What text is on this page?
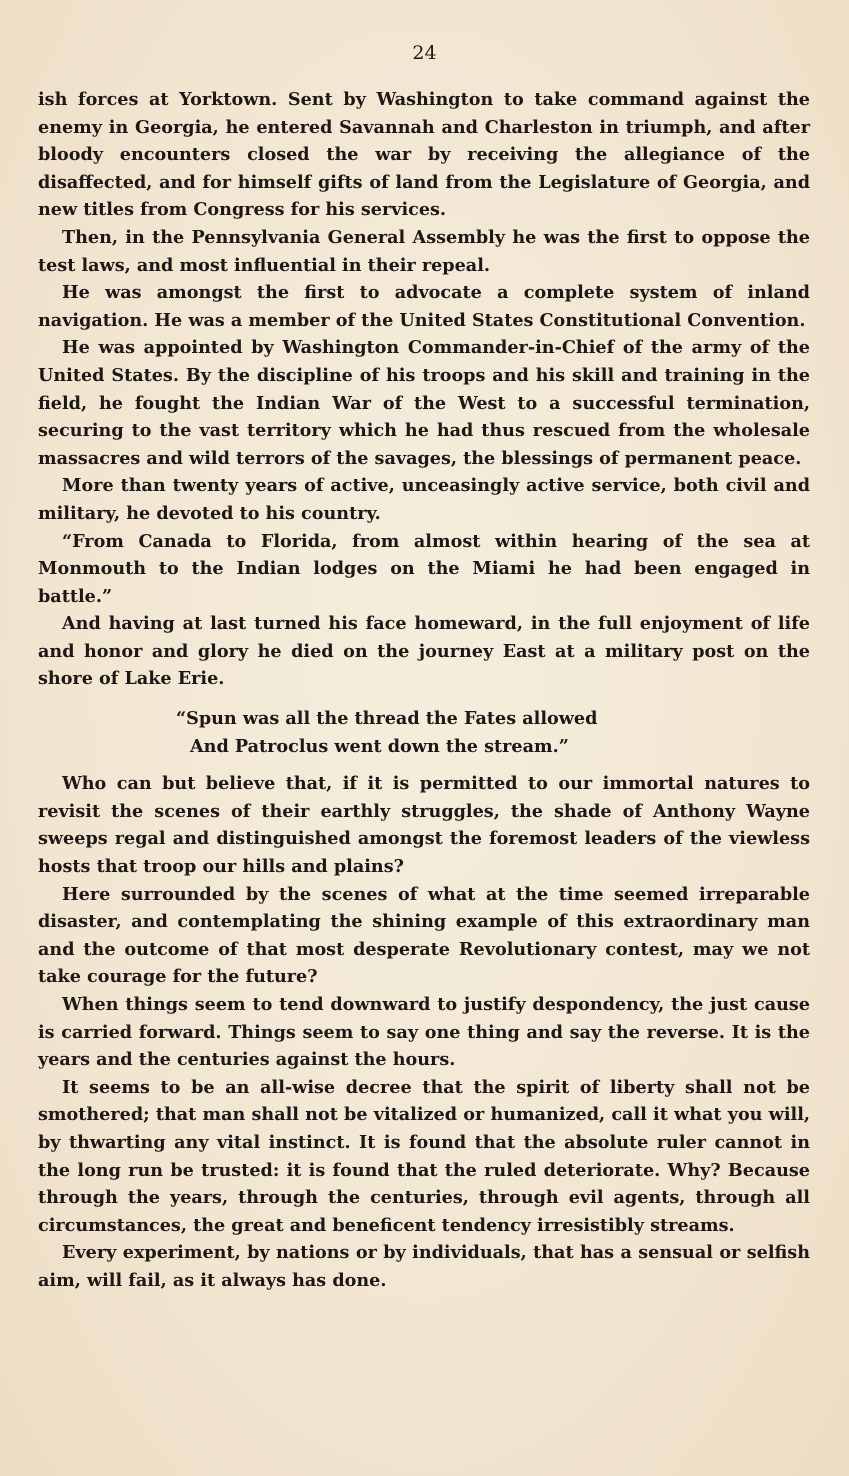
24

ish forces at Yorktown. Sent by Washington to take command against the enemy in Georgia, he entered Savannah and Charleston in triumph, and after bloody encounters closed the war by receiving the allegiance of the disaffected, and for himself gifts of land from the Legislature of Georgia, and new titles from Congress for his services.

Then, in the Pennsylvania General Assembly he was the first to oppose the test laws, and most influential in their repeal.

He was amongst the first to advocate a complete system of inland navigation. He was a member of the United States Constitutional Convention.

He was appointed by Washington Commander-in-Chief of the army of the United States. By the discipline of his troops and his skill and training in the field, he fought the Indian War of the West to a successful termination, securing to the vast territory which he had thus rescued from the wholesale massacres and wild terrors of the savages, the blessings of permanent peace.

More than twenty years of active, unceasingly active service, both civil and military, he devoted to his country.

“From Canada to Florida, from almost within hearing of the sea at Monmouth to the Indian lodges on the Miami he had been engaged in battle.”

And having at last turned his face homeward, in the full enjoyment of life and honor and glory he died on the journey East at a military post on the shore of Lake Erie.

“Spun was all the thread the Fates allowed
And Patroclus went down the stream.”

Who can but believe that, if it is permitted to our immortal natures to revisit the scenes of their earthly struggles, the shade of Anthony Wayne sweeps regal and distinguished amongst the foremost leaders of the viewless hosts that troop our hills and plains?

Here surrounded by the scenes of what at the time seemed irreparable disaster, and contemplating the shining example of this extraordinary man and the outcome of that most desperate Revolutionary contest, may we not take courage for the future?

When things seem to tend downward to justify despondency, the just cause is carried forward. Things seem to say one thing and say the reverse. It is the years and the centuries against the hours.

It seems to be an all-wise decree that the spirit of liberty shall not be smothered; that man shall not be vitalized or humanized, call it what you will, by thwarting any vital instinct. It is found that the absolute ruler cannot in the long run be trusted: it is found that the ruled deteriorate. Why? Because through the years, through the centuries, through evil agents, through all circumstances, the great and beneficent tendency irresistibly streams.

Every experiment, by nations or by individuals, that has a sensual or selfish aim, will fail, as it always has done.
